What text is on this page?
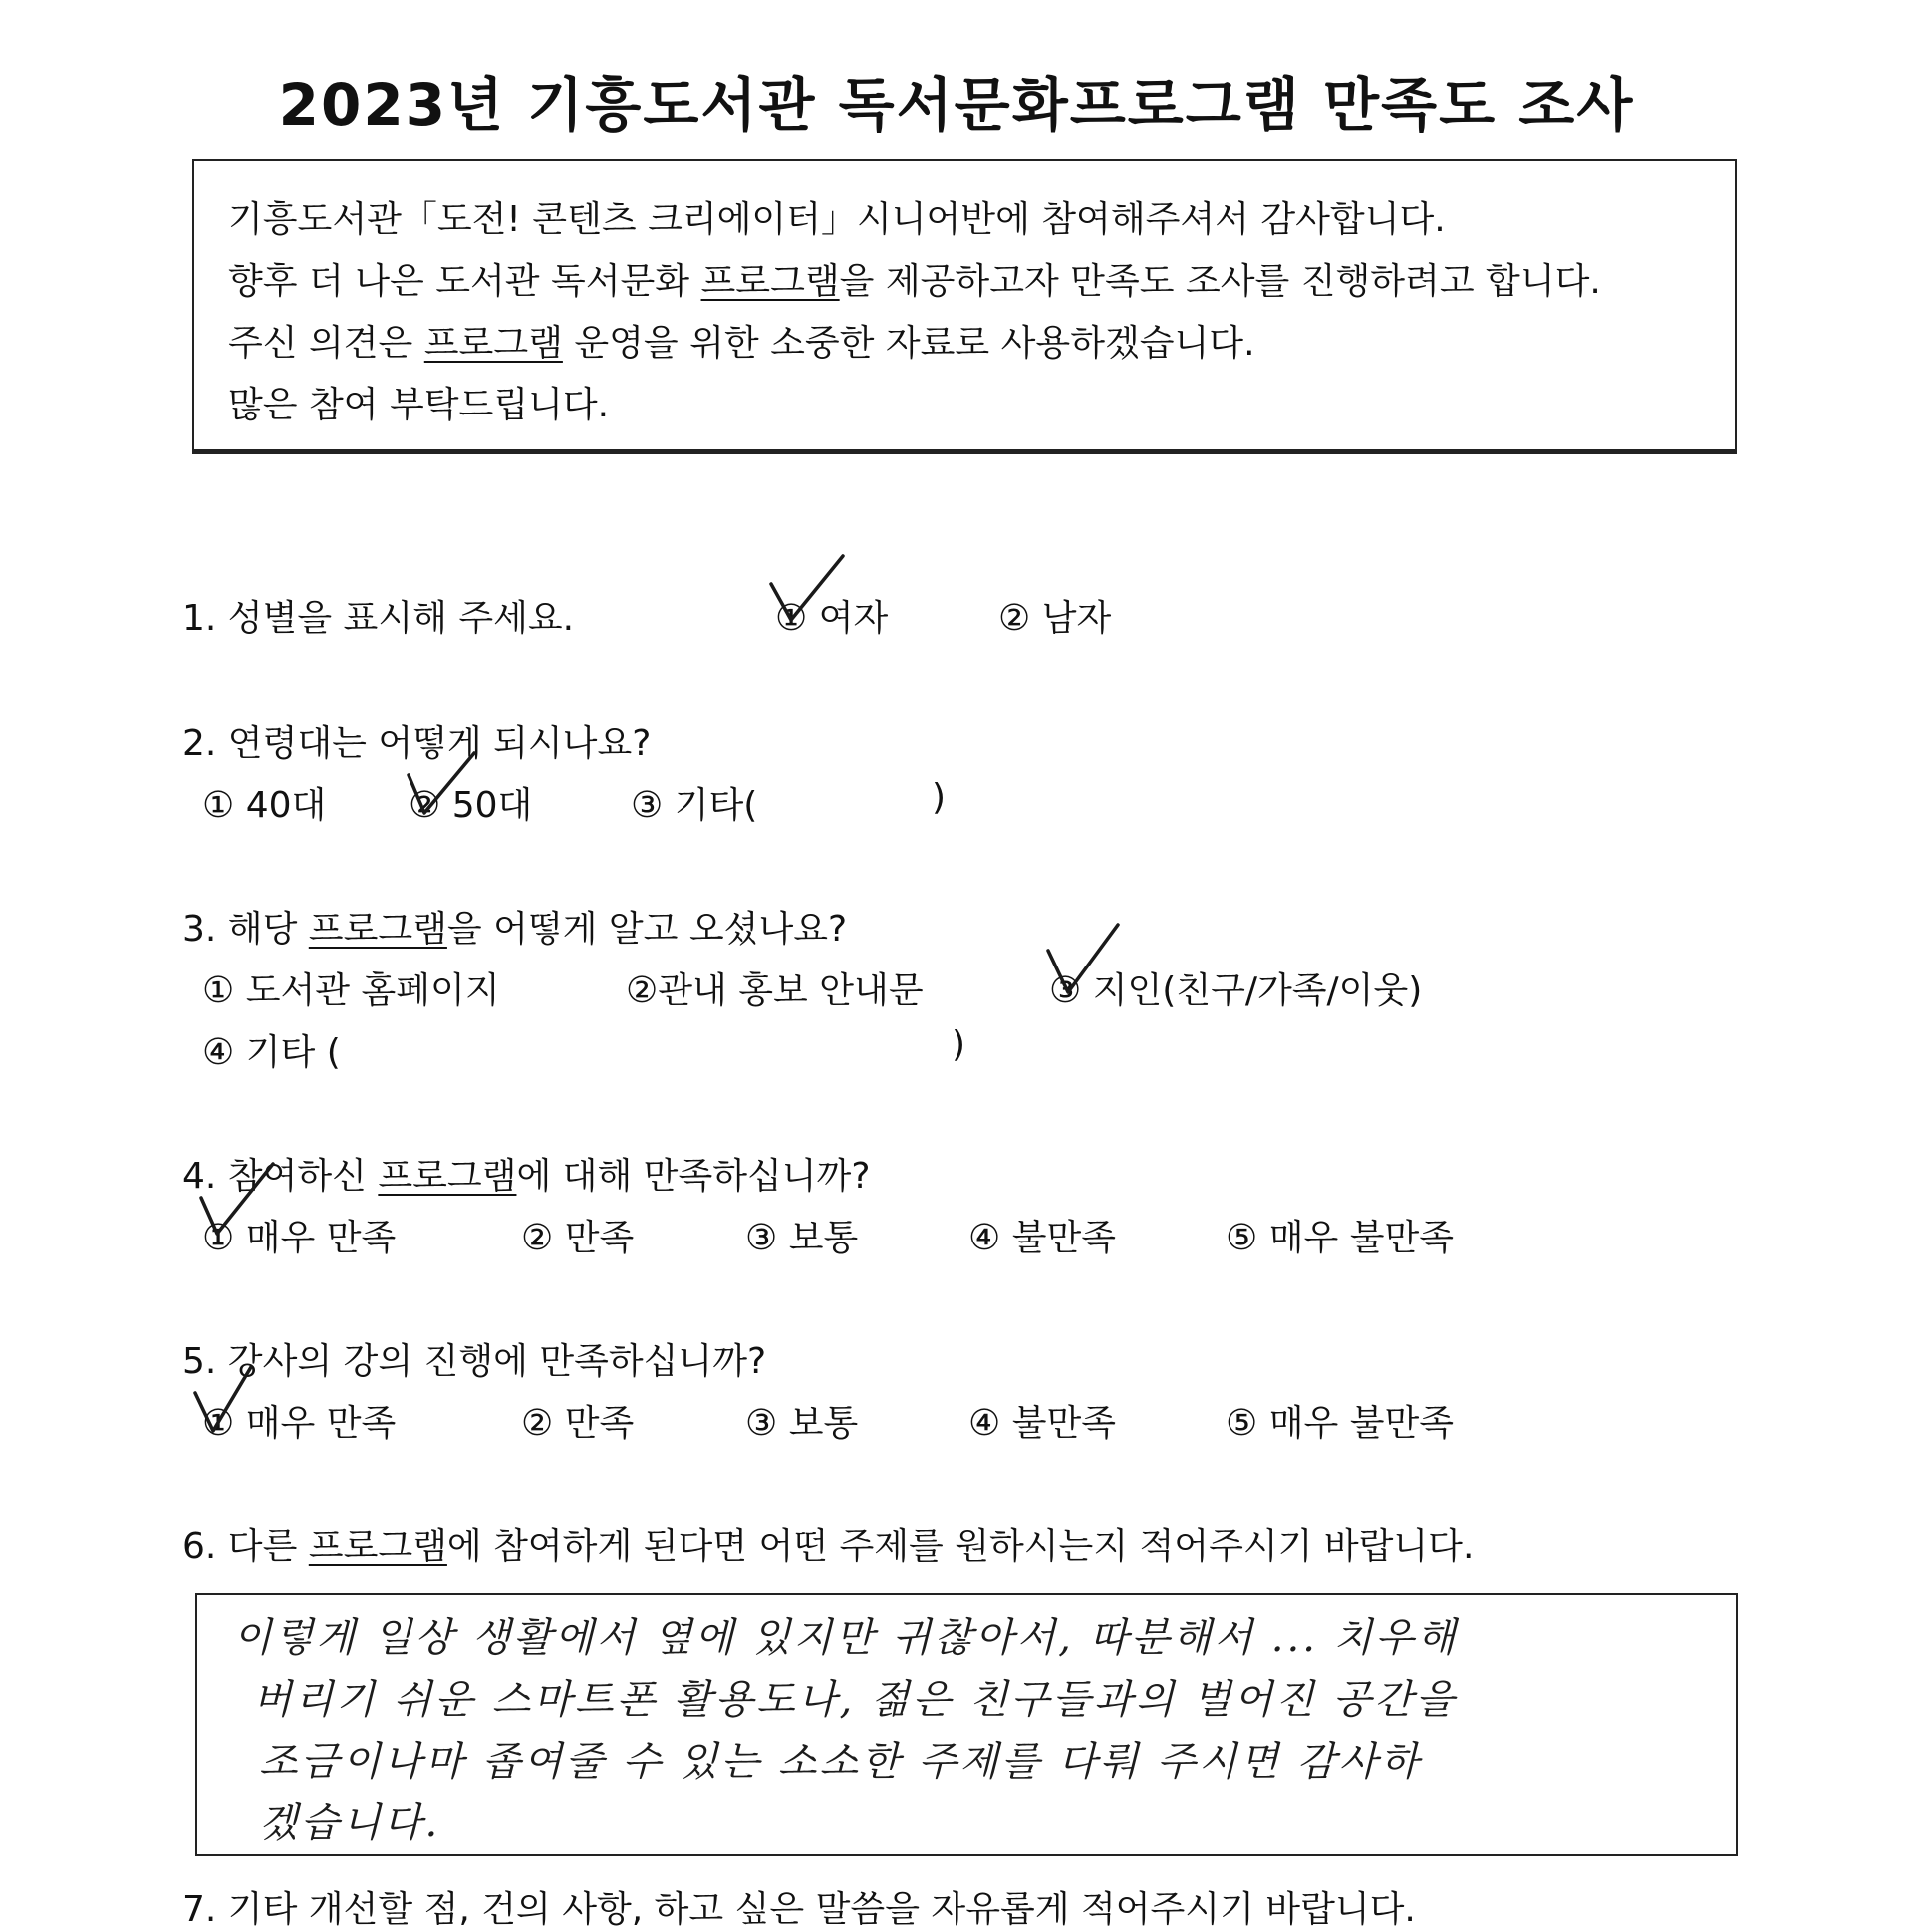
2023년 기흥도서관 독서문화프로그램 만족도 조사
기흥도서관「도전! 콘텐츠 크리에이터」시니어반에 참여해주셔서 감사합니다.
향후 더 나은 도서관 독서문화 프로그램을 제공하고자 만족도 조사를 진행하려고 합니다.
주신 의견은 프로그램 운영을 위한 소중한 자료로 사용하겠습니다.
많은 참여 부탁드립니다.
1. 성별을 표시해 주세요.	① 여자	② 남자
2. 연령대는 어떻게 되시나요?
① 40대 ② 50대	③ 기타(	)
3. 해당 프로그램을 어떻게 알고 오셨나요?
① 도서관 홈페이지	②관내 홍보 안내문	③ 지인(친구/가족/이웃)
④ 기타 (	)
4. 참여하신 프로그램에 대해 만족하십니까?
① 매우 만족	② 만족	③ 보통	④ 불만족	⑤ 매우 불만족
5. 강사의 강의 진행에 만족하십니까?
① 매우 만족	② 만족	③ 보통	④ 불만족	⑤ 매우 불만족
6. 다른 프로그램에 참여하게 된다면 어떤 주제를 원하시는지 적어주시기 바랍니다.
이렇게 일상 생활에서 옆에 있지만 귀찮아서, 따분해서 ... 치우해
버리기 쉬운 스마트폰 활용도나, 젊은 친구들과의 벌어진 공간을
조금이나마 좁여줄 수 있는 소소한 주제를 다뤄 주시면 감사하
겠습니다.
7. 기타 개선할 점, 건의 사항, 하고 싶은 말씀을 자유롭게 적어주시기 바랍니다.
